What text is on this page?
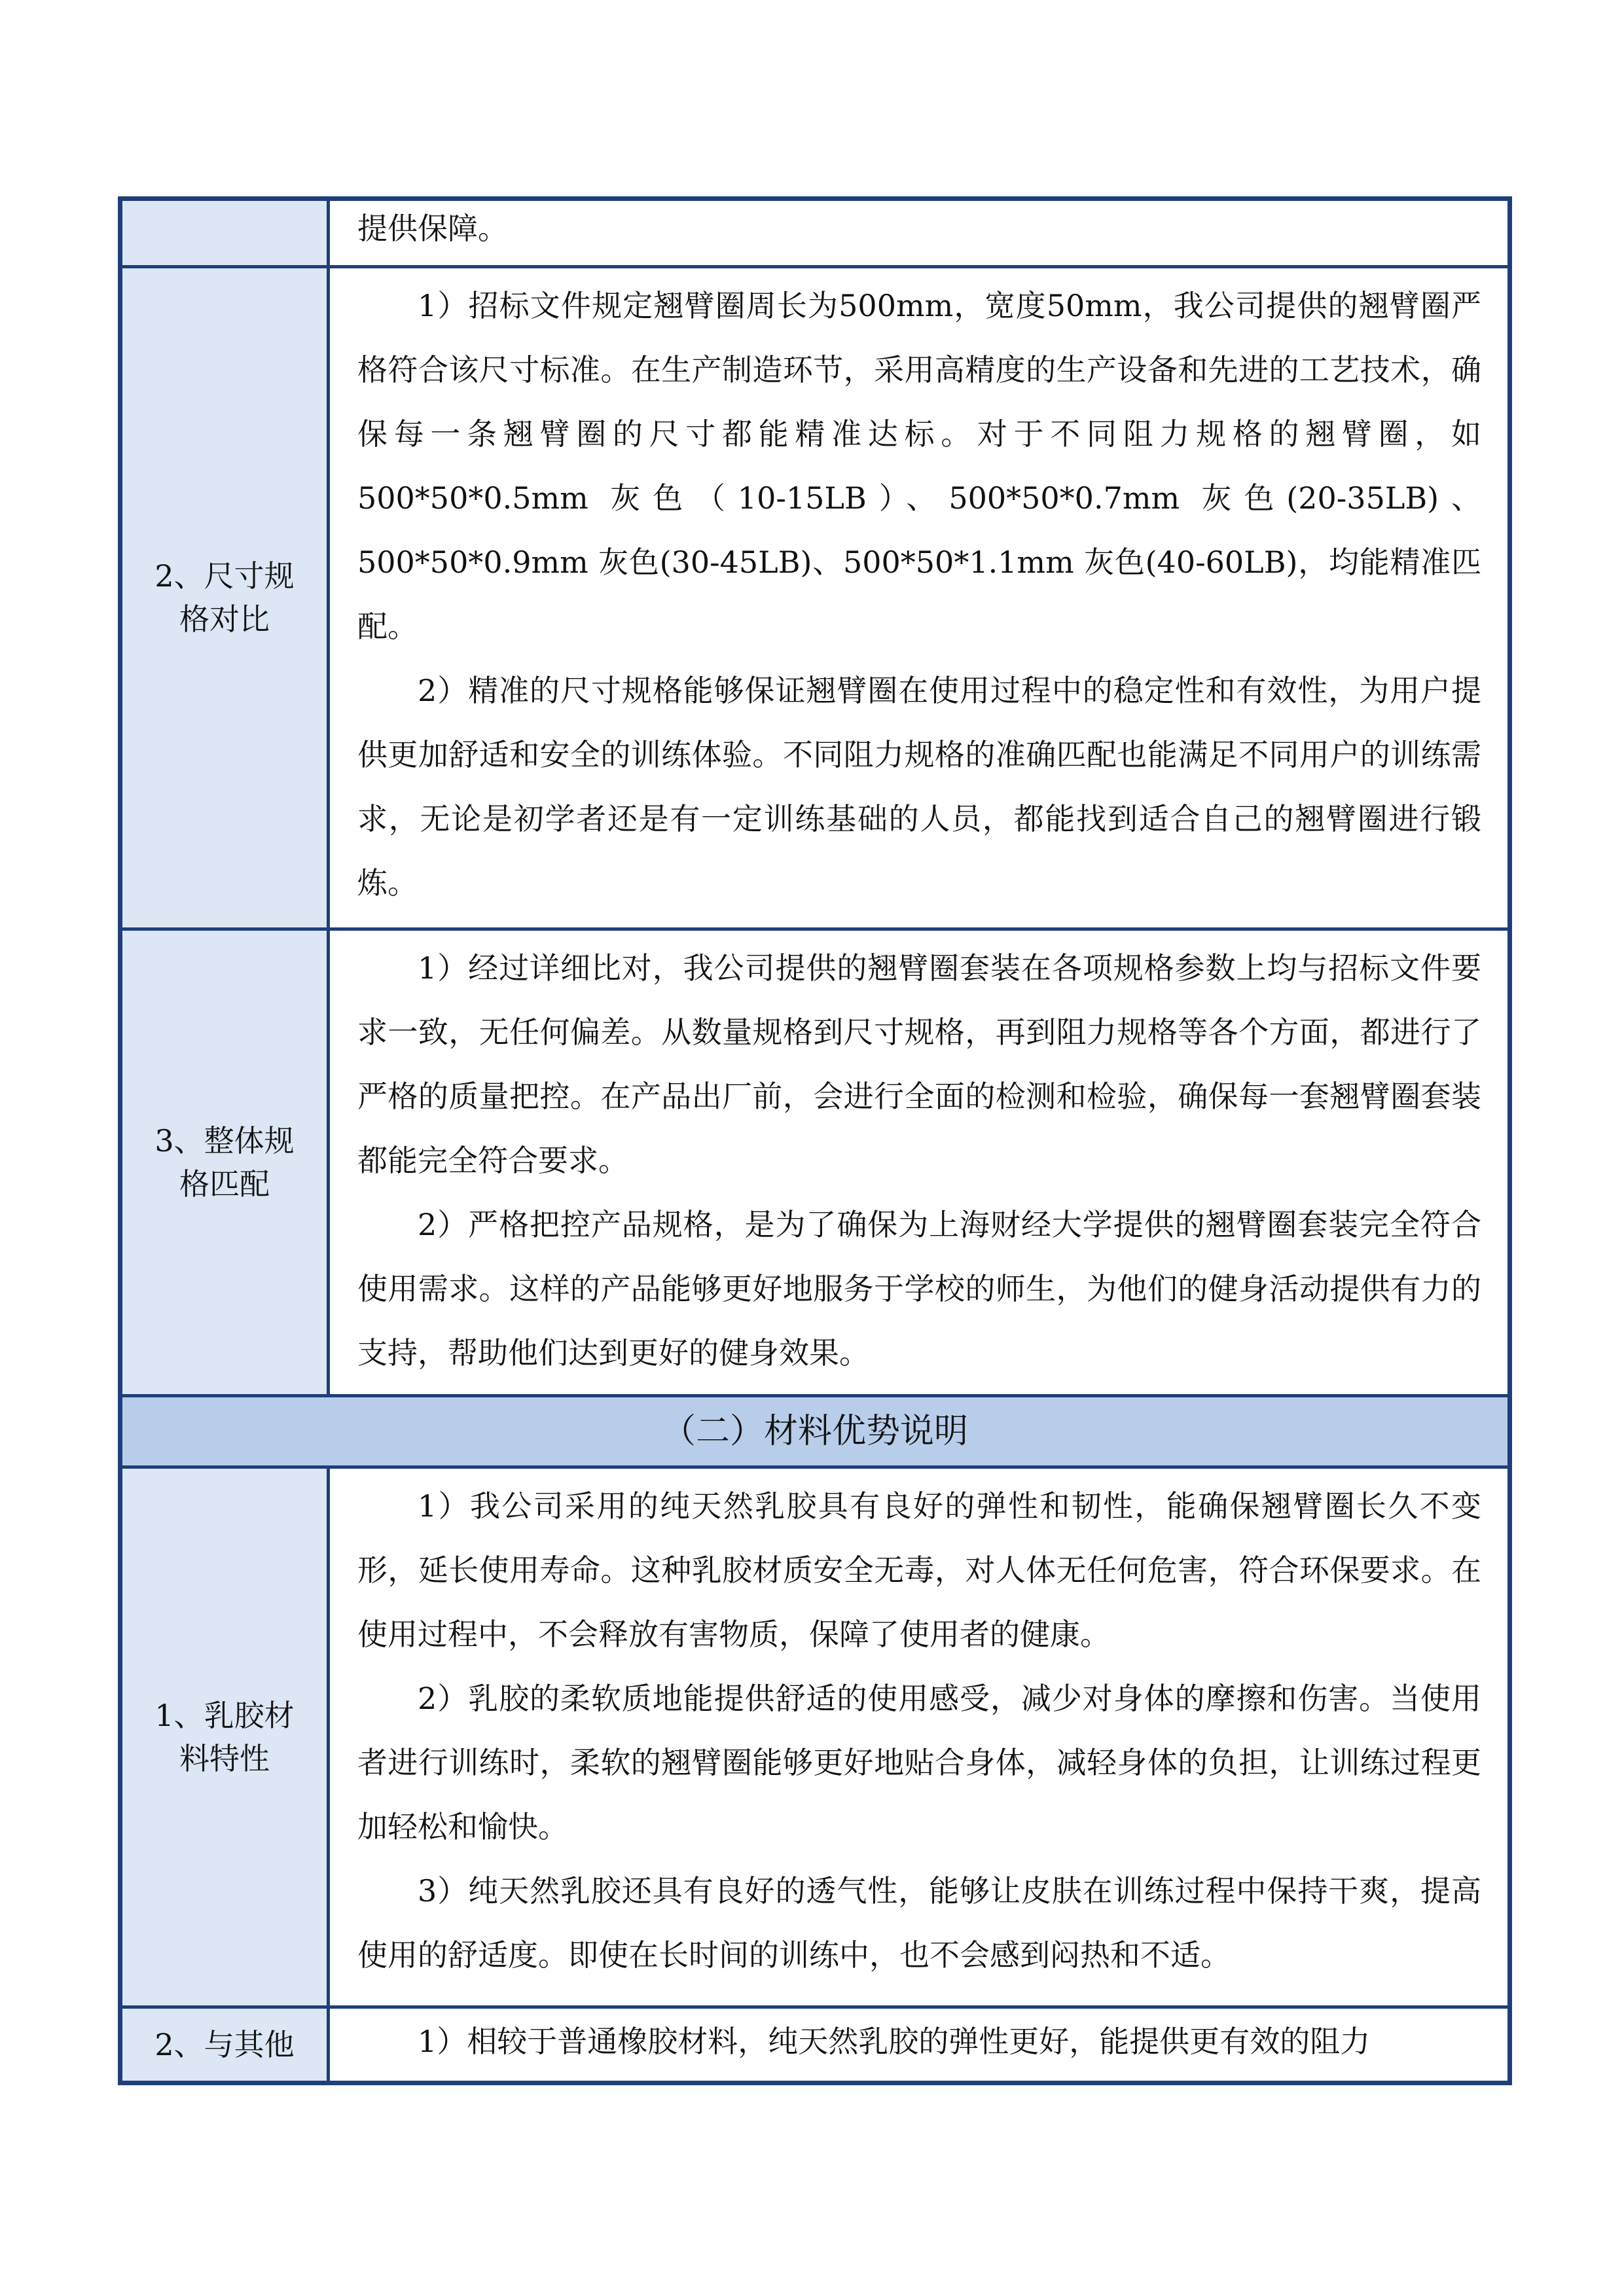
	提供保障。

2、尺寸规格对比	1）招标文件规定翘臂圈周长为500mm，宽度50mm，我公司提供的翘臂圈严格符合该尺寸标准。在生产制造环节，采用高精度的生产设备和先进的工艺技术，确保每一条翘臂圈的尺寸都能精准达标。对于不同阻力规格的翘臂圈，如 500*50*0.5mm 灰色（10-15LB）、500*50*0.7mm 灰色(20-35LB)、500*50*0.9mm 灰色(30-45LB)、500*50*1.1mm 灰色(40-60LB)，均能精准匹配。

2）精准的尺寸规格能够保证翘臂圈在使用过程中的稳定性和有效性，为用户提供更加舒适和安全的训练体验。不同阻力规格的准确匹配也能满足不同用户的训练需求，无论是初学者还是有一定训练基础的人员，都能找到适合自己的翘臂圈进行锻炼。

3、整体规格匹配	1）经过详细比对，我公司提供的翘臂圈套装在各项规格参数上均与招标文件要求一致，无任何偏差。从数量规格到尺寸规格，再到阻力规格等各个方面，都进行了严格的质量把控。在产品出厂前，会进行全面的检测和检验，确保每一套翘臂圈套装都能完全符合要求。

2）严格把控产品规格，是为了确保为上海财经大学提供的翘臂圈套装完全符合使用需求。这样的产品能够更好地服务于学校的师生，为他们的健身活动提供有力的支持，帮助他们达到更好的健身效果。

（二）材料优势说明	

1、乳胶材料特性	1）我公司采用的纯天然乳胶具有良好的弹性和韧性，能确保翘臂圈长久不变形，延长使用寿命。这种乳胶材质安全无毒，对人体无任何危害，符合环保要求。在使用过程中，不会释放有害物质，保障了使用者的健康。

2）乳胶的柔软质地能提供舒适的使用感受，减少对身体的摩擦和伤害。当使用者进行训练时，柔软的翘臂圈能够更好地贴合身体，减轻身体的负担，让训练过程更加轻松和愉快。

3）纯天然乳胶还具有良好的透气性，能够让皮肤在训练过程中保持干爽，提高使用的舒适度。即使在长时间的训练中，也不会感到闷热和不适。

2、与其他	1）相较于普通橡胶材料，纯天然乳胶的弹性更好，能提供更有效的阻力
